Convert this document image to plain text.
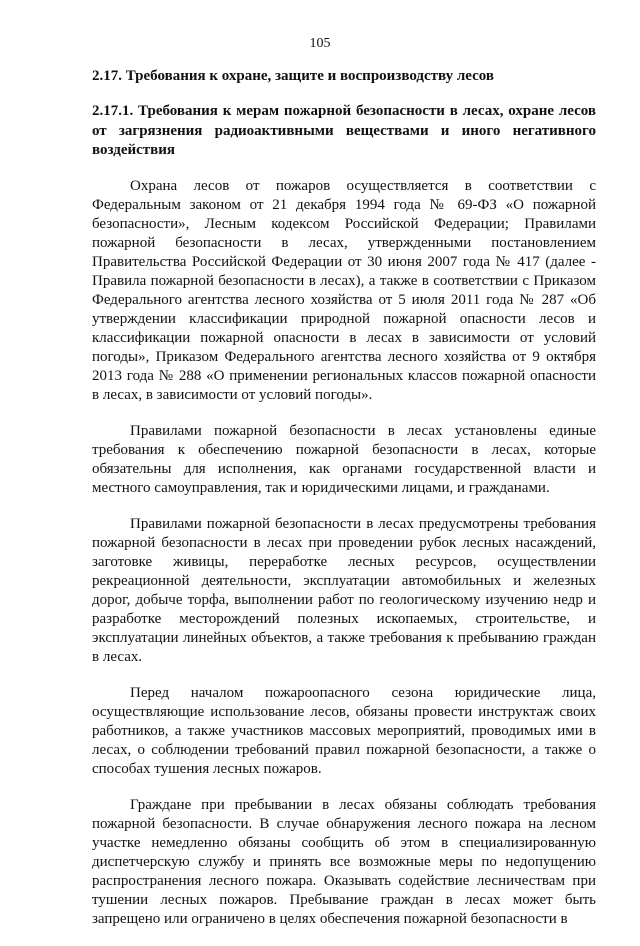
105
2.17. Требования к охране, защите и воспроизводству лесов
2.17.1. Требования к мерам пожарной безопасности в лесах, охране лесов от загрязнения радиоактивными веществами и иного негативного воздействия

Охрана лесов от пожаров осуществляется в соответствии с Федеральным законом от 21 декабря 1994 года № 69-ФЗ «О пожарной безопасности», Лесным кодексом Российской Федерации; Правилами пожарной безопасности в лесах, утвержденными постановлением Правительства Российской Федерации от 30 июня 2007 года № 417 (далее - Правила пожарной безопасности в лесах), а также в соответствии с Приказом Федерального агентства лесного хозяйства от 5 июля 2011 года № 287 «Об утверждении классификации природной пожарной опасности лесов и классификации пожарной опасности в лесах в зависимости от условий погоды», Приказом Федерального агентства лесного хозяйства от 9 октября 2013 года № 288 «О применении региональных классов пожарной опасности в лесах, в зависимости от условий погоды».

Правилами пожарной безопасности в лесах установлены единые требования к обеспечению пожарной безопасности в лесах, которые обязательны для исполнения, как органами государственной власти и местного самоуправления, так и юридическими лицами, и гражданами.

Правилами пожарной безопасности в лесах предусмотрены требования пожарной безопасности в лесах при проведении рубок лесных насаждений, заготовке живицы, переработке лесных ресурсов, осуществлении рекреационной деятельности, эксплуатации автомобильных и железных дорог, добыче торфа, выполнении работ по геологическому изучению недр и разработке месторождений полезных ископаемых, строительстве, и эксплуатации линейных объектов, а также требования к пребыванию граждан в лесах.

Перед началом пожароопасного сезона юридические лица, осуществляющие использование лесов, обязаны провести инструктаж своих работников, а также участников массовых мероприятий, проводимых ими в лесах, о соблюдении требований правил пожарной безопасности, а также о способах тушения лесных пожаров.

Граждане при пребывании в лесах обязаны соблюдать требования пожарной безопасности. В случае обнаружения лесного пожара на лесном участке немедленно обязаны сообщить об этом в специализированную диспетчерскую службу и принять все возможные меры по недопущению распространения лесного пожара. Оказывать содействие лесничествам при тушении лесных пожаров. Пребывание граждан в лесах может быть запрещено или ограничено в целях обеспечения пожарной безопасности в
